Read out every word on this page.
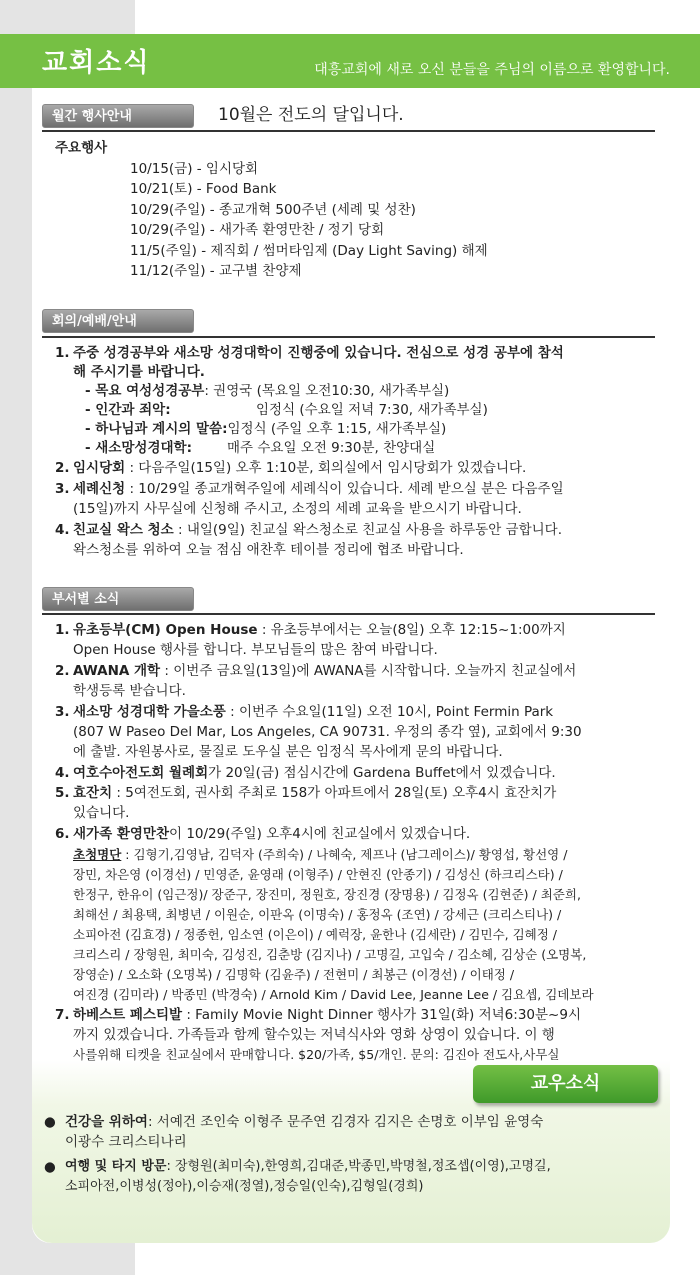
교회소식	대흥교회에 새로 오신 분들을 주님의 이름으로 환영합니다.
월간 행사안내	10월은 전도의 달입니다.
주요행사
10/15(금) - 임시당회
10/21(토) - Food Bank
10/29(주일) - 종교개혁 500주년 (세례 및 성찬)
10/29(주일) - 새가족 환영만찬 / 정기 당회
11/5(주일) - 제직회 / 썸머타임제 (Day Light Saving) 해제
11/12(주일) - 교구별 찬양제
회의/예배/안내
1. 주중 성경공부와 새소망 성경대학이 진행중에 있습니다. 전심으로 성경 공부에 참석
해 주시기를 바랍니다.
- 목요 여성성경공부: 권영국 (목요일 오전10:30, 새가족부실)
- 인간과 죄악:	임정식 (수요일 저녁 7:30, 새가족부실)
- 하나님과 계시의 말씀:임정식 (주일 오후 1:15, 새가족부실)
- 새소망성경대학:	매주 수요일 오전 9:30분, 찬양대실
2. 임시당회 : 다음주일(15일) 오후 1:10분, 회의실에서 임시당회가 있겠습니다.
3. 세례신청 : 10/29일 종교개혁주일에 세례식이 있습니다. 세례 받으실 분은 다음주일
(15일)까지 사무실에 신청해 주시고, 소정의 세례 교육을 받으시기 바랍니다.
4. 친교실 왁스 청소 : 내일(9일) 친교실 왁스청소로 친교실 사용을 하루동안 금합니다.
왁스청소를 위하여 오늘 점심 애찬후 테이블 정리에 협조 바랍니다.
부서별 소식
1. 유초등부(CM) Open House : 유초등부에서는 오늘(8일) 오후 12:15~1:00까지
Open House 행사를 합니다. 부모님들의 많은 참여 바랍니다.
2. AWANA 개학 : 이번주 금요일(13일)에 AWANA를 시작합니다. 오늘까지 친교실에서
학생등록 받습니다.
3. 새소망 성경대학 가을소풍 : 이번주 수요일(11일) 오전 10시, Point Fermin Park
(807 W Paseo Del Mar, Los Angeles, CA 90731. 우정의 종각 옆), 교회에서 9:30
에 출발. 자원봉사로, 물질로 도우실 분은 임정식 목사에게 문의 바랍니다.
4. 여호수아전도회 월례회가 20일(금) 점심시간에 Gardena Buffet에서 있겠습니다.
5. 효잔치 : 5여전도회, 권사회 주최로 158가 아파트에서 28일(토) 오후4시 효잔치가
있습니다.
6. 새가족 환영만찬이 10/29(주일) 오후4시에 친교실에서 있겠습니다.
초청명단 : 김형기,김영남, 김덕자 (주희숙) / 나혜숙, 제프나 (남그레이스)/ 황영섭, 황선영 /
장민, 차은영 (이경선) / 민영준, 윤영래 (이형주) / 안현진 (안종기) / 김성신 (하크리스타) /
한정구, 한유이 (임근정)/ 장준구, 장진미, 정원호, 장진경 (장명용) / 김정옥 (김현준) / 최준희,
최해선 / 최용택, 최병년 / 이원순, 이판옥 (이명숙) / 홍정옥 (조연) / 강세근 (크리스티나) /
소피아전 (김효경) / 정종헌, 임소연 (이은이) / 예럭장, 윤한나 (김세란) / 김민수, 김혜정 /
크리스리 / 장형원, 최미숙, 김성진, 김춘방 (김지나) / 고명길, 고입숙 / 김소혜, 김상순 (오명복,
장영순) / 오소화 (오명복) / 김명학 (김윤주) / 전현미 / 최봉근 (이경선) / 이태정 /
여진경 (김미라) / 박종민 (박경숙) / Arnold Kim / David Lee, Jeanne Lee / 김요셉, 김데보라
7. 하베스트 페스티발 : Family Movie Night Dinner 행사가 31일(화) 저녁6:30분~9시
까지 있겠습니다. 가족들과 함께 할수있는 저녁식사와 영화 상영이 있습니다. 이 행
사를위해 티켓을 친교실에서 판매합니다. $20/가족, $5/개인. 문의: 김진아 전도사,사무실
교우소식
● 건강을 위하여: 서예건 조인숙 이형주 문주연 김경자 김지은 손명호 이부임 윤영숙
이광수 크리스티나리
● 여행 및 타지 방문: 장형원(최미숙),한영희,김대준,박종민,박명철,정조셉(이영),고명길,
소피아전,이병성(정아),이승재(정열),정승일(인숙),김형일(경희)
